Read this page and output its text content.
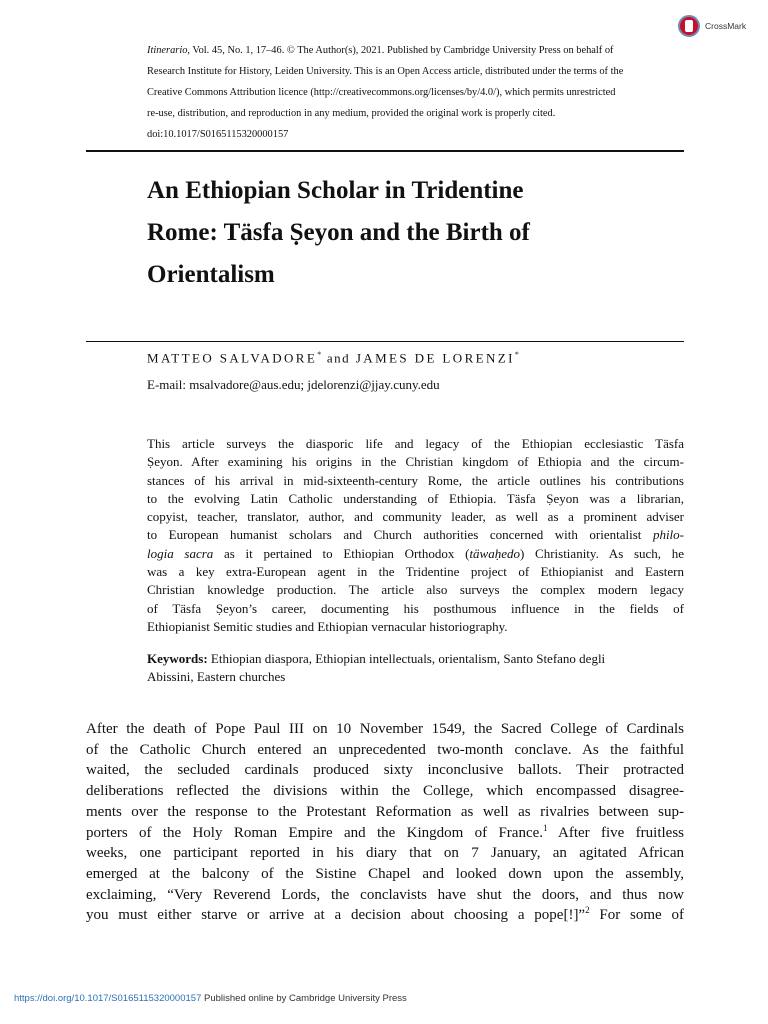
CrossMark
Itinerario, Vol. 45, No. 1, 17–46. © The Author(s), 2021. Published by Cambridge University Press on behalf of
Research Institute for History, Leiden University. This is an Open Access article, distributed under the terms of the
Creative Commons Attribution licence (http://creativecommons.org/licenses/by/4.0/), which permits unrestricted
re-use, distribution, and reproduction in any medium, provided the original work is properly cited.
doi:10.1017/S0165115320000157
An Ethiopian Scholar in Tridentine
Rome: Täsfa Ṣeyon and the Birth of
Orientalism
MATTEO SALVADORE* and JAMES DE LORENZI*
E-mail: msalvadore@aus.edu; jdelorenzi@jjay.cuny.edu
This article surveys the diasporic life and legacy of the Ethiopian ecclesiastic Täsfa
Ṣeyon. After examining his origins in the Christian kingdom of Ethiopia and the circum-
stances of his arrival in mid-sixteenth-century Rome, the article outlines his contributions
to the evolving Latin Catholic understanding of Ethiopia. Täsfa Ṣeyon was a librarian,
copyist, teacher, translator, author, and community leader, as well as a prominent adviser
to European humanist scholars and Church authorities concerned with orientalist philo-
logia sacra as it pertained to Ethiopian Orthodox (täwaḥedo) Christianity. As such, he
was a key extra-European agent in the Tridentine project of Ethiopianist and Eastern
Christian knowledge production. The article also surveys the complex modern legacy
of Täsfa Ṣeyon’s career, documenting his posthumous influence in the fields of
Ethiopianist Semitic studies and Ethiopian vernacular historiography.
Keywords: Ethiopian diaspora, Ethiopian intellectuals, orientalism, Santo Stefano degli
Abissini, Eastern churches
After the death of Pope Paul III on 10 November 1549, the Sacred College of Cardinals
of the Catholic Church entered an unprecedented two-month conclave. As the faithful
waited, the secluded cardinals produced sixty inconclusive ballots. Their protracted
deliberations reflected the divisions within the College, which encompassed disagree-
ments over the response to the Protestant Reformation as well as rivalries between sup-
porters of the Holy Roman Empire and the Kingdom of France.$^1$ After five fruitless
weeks, one participant reported in his diary that on 7 January, an agitated African
emerged at the balcony of the Sistine Chapel and looked down upon the assembly,
exclaiming, “Very Reverend Lords, the conclavists have shut the doors, and thus now
you must either starve or arrive at a decision about choosing a pope[!]”$^2$ For some of
https://doi.org/10.1017/S0165115320000157 Published online by Cambridge University Press
